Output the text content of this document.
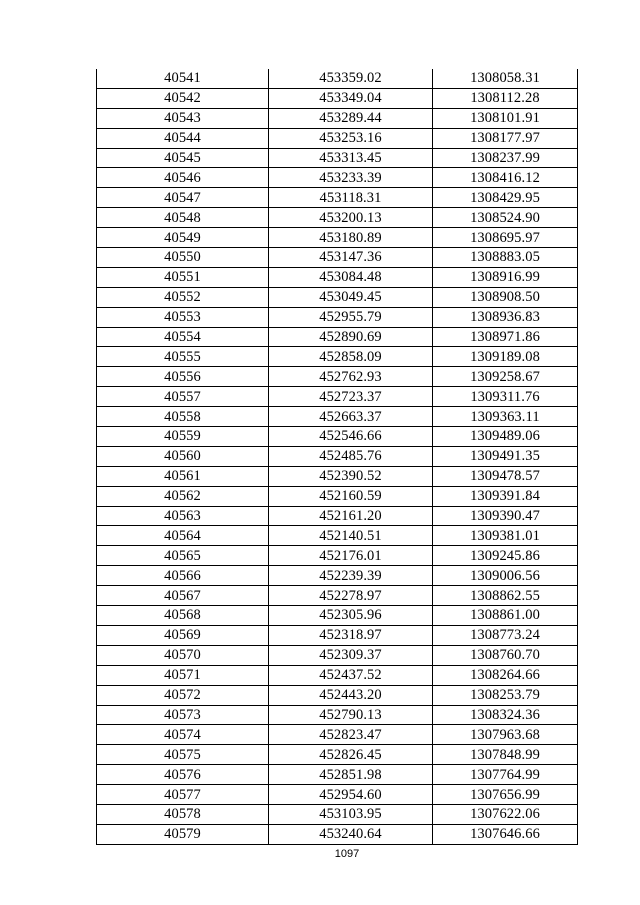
40541	453359.02	1308058.31
40542	453349.04	1308112.28
40543	453289.44	1308101.91
40544	453253.16	1308177.97
40545	453313.45	1308237.99
40546	453233.39	1308416.12
40547	453118.31	1308429.95
40548	453200.13	1308524.90
40549	453180.89	1308695.97
40550	453147.36	1308883.05
40551	453084.48	1308916.99
40552	453049.45	1308908.50
40553	452955.79	1308936.83
40554	452890.69	1308971.86
40555	452858.09	1309189.08
40556	452762.93	1309258.67
40557	452723.37	1309311.76
40558	452663.37	1309363.11
40559	452546.66	1309489.06
40560	452485.76	1309491.35
40561	452390.52	1309478.57
40562	452160.59	1309391.84
40563	452161.20	1309390.47
40564	452140.51	1309381.01
40565	452176.01	1309245.86
40566	452239.39	1309006.56
40567	452278.97	1308862.55
40568	452305.96	1308861.00
40569	452318.97	1308773.24
40570	452309.37	1308760.70
40571	452437.52	1308264.66
40572	452443.20	1308253.79
40573	452790.13	1308324.36
40574	452823.47	1307963.68
40575	452826.45	1307848.99
40576	452851.98	1307764.99
40577	452954.60	1307656.99
40578	453103.95	1307622.06
40579	453240.64	1307646.66
1097
